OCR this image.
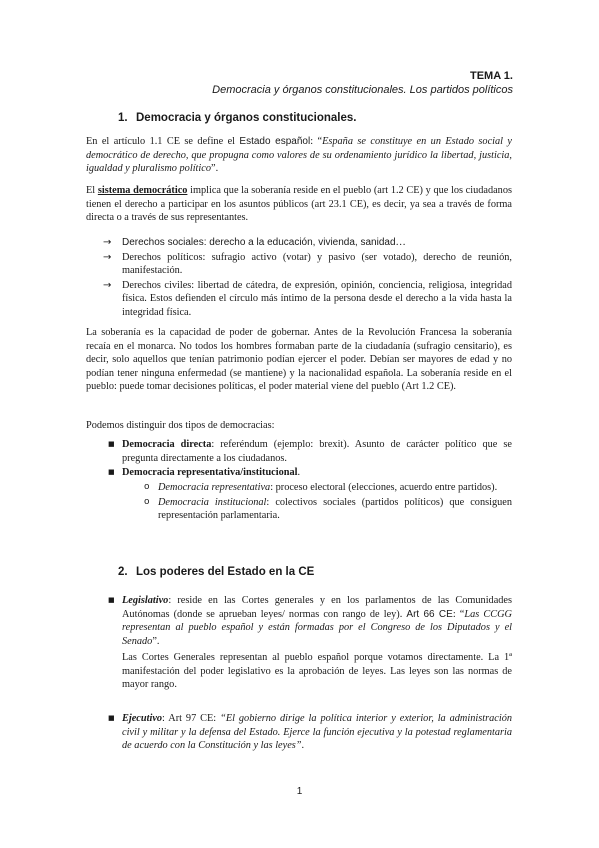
TEMA 1.
Democracia y órganos constitucionales. Los partidos políticos
1. Democracia y órganos constitucionales.

En el artículo 1.1 CE se define el Estado español: “España se constituye en un Estado social y democrático de derecho, que propugna como valores de su ordenamiento jurídico la libertad, justicia, igualdad y pluralismo político”.

El sistema democrático implica que la soberanía reside en el pueblo (art 1.2 CE) y que los ciudadanos tienen el derecho a participar en los asuntos públicos (art 23.1 CE), es decir, ya sea a través de forma directa o a través de sus representantes.

→ Derechos sociales: derecho a la educación, vivienda, sanidad…
→ Derechos políticos: sufragio activo (votar) y pasivo (ser votado), derecho de reunión, manifestación.
→ Derechos civiles: libertad de cátedra, de expresión, opinión, conciencia, religiosa, integridad física. Estos defienden el círculo más íntimo de la persona desde el derecho a la vida hasta la integridad física.

La soberanía es la capacidad de poder de gobernar. Antes de la Revolución Francesa la soberanía recaía en el monarca. No todos los hombres formaban parte de la ciudadanía (sufragio censitario), es decir, solo aquellos que tenían patrimonio podían ejercer el poder. Debían ser mayores de edad y no podían tener ninguna enfermedad (se mantiene) y la nacionalidad española. La soberanía reside en el pueblo: puede tomar decisiones políticas, el poder material viene del pueblo (Art 1.2 CE).

Podemos distinguir dos tipos de democracias:

■ Democracia directa: referéndum (ejemplo: brexit). Asunto de carácter político que se pregunta directamente a los ciudadanos.
■ Democracia representativa/institucional.
o Democracia representativa: proceso electoral (elecciones, acuerdo entre partidos).
o Democracia institucional: colectivos sociales (partidos políticos) que consiguen representación parlamentaria.
2. Los poderes del Estado en la CE
■ Legislativo: reside en las Cortes generales y en los parlamentos de las Comunidades Autónomas (donde se aprueban leyes/ normas con rango de ley). Art 66 CE: “Las CCGG representan al pueblo español y están formadas por el Congreso de los Diputados y el Senado”.

Las Cortes Generales representan al pueblo español porque votamos directamente. La 1ª manifestación del poder legislativo es la aprobación de leyes. Las leyes son las normas de mayor rango.

■ Ejecutivo: Art 97 CE: “El gobierno dirige la política interior y exterior, la administración civil y militar y la defensa del Estado. Ejerce la función ejecutiva y la potestad reglamentaria de acuerdo con la Constitución y las leyes”.
1
